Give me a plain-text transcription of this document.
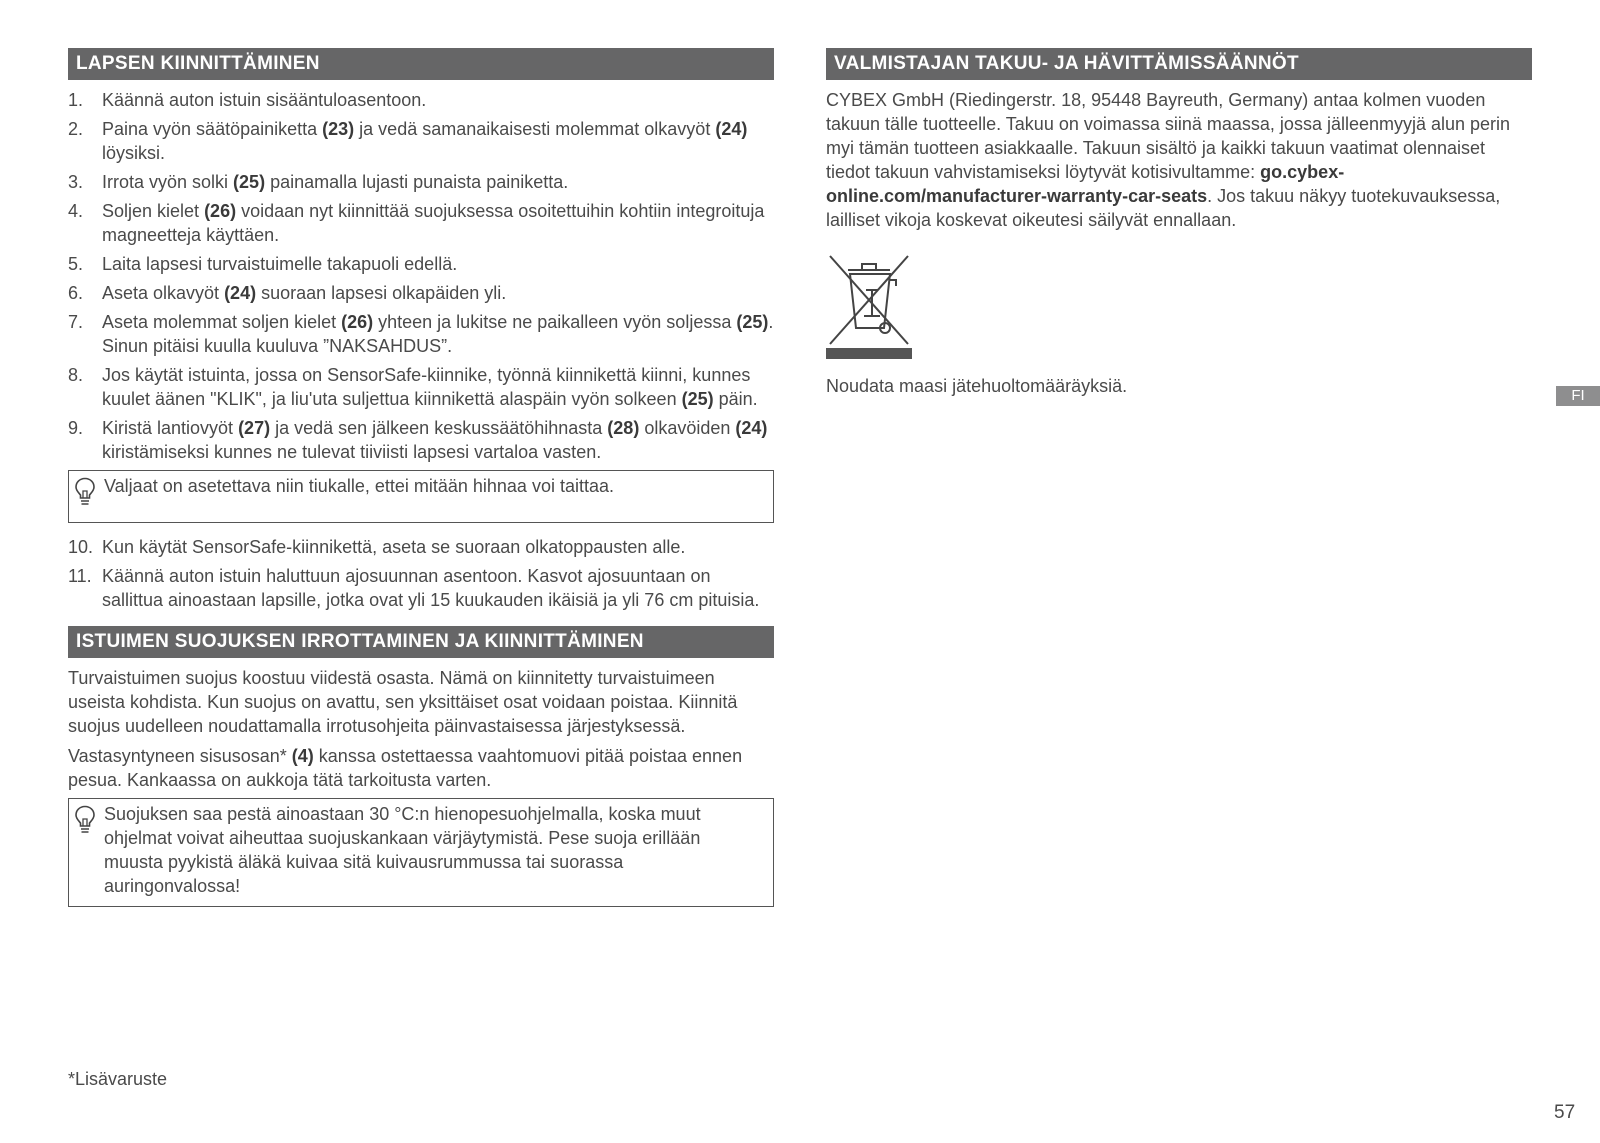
LAPSEN KIINNITTÄMINEN
1. Käännä auton istuin sisääntuloasentoon.
2. Paina vyön säätöpainiketta (23) ja vedä samanaikaisesti molemmat olkavyöt (24) löysiksi.
3. Irrota vyön solki (25) painamalla lujasti punaista painiketta.
4. Soljen kielet (26) voidaan nyt kiinnittää suojuksessa osoitettuihin kohtiin integroituja magneetteja käyttäen.
5. Laita lapsesi turvaistuimelle takapuoli edellä.
6. Aseta olkavyöt (24) suoraan lapsesi olkapäiden yli.
7. Aseta molemmat soljen kielet (26) yhteen ja lukitse ne paikalleen vyön soljessa (25). Sinun pitäisi kuulla kuuluva ”NAKSAHDUS”.
8. Jos käytät istuinta, jossa on SensorSafe-kiinnike, työnnä kiinnikettä kiinni, kunnes kuulet äänen "KLIK", ja liu'uta suljettua kiinnikettä alaspäin vyön solkeen (25) päin.
9. Kiristä lantiovyöt (27) ja vedä sen jälkeen keskussäätöhihnasta (28) olkavöiden (24) kiristämiseksi kunnes ne tulevat tiiviisti lapsesi vartaloa vasten.
Valjaat on asetettava niin tiukalle, ettei mitään hihnaa voi taittaa.
10. Kun käytät SensorSafe-kiinnikettä, aseta se suoraan olkatoppausten alle.
11. Käännä auton istuin haluttuun ajosuunnan asentoon. Kasvot ajosuuntaan on sallittua ainoastaan lapsille, jotka ovat yli 15 kuukauden ikäisiä ja yli 76 cm pituisia.
ISTUIMEN SUOJUKSEN IRROTTAMINEN JA KIINNITTÄMINEN

Turvaistuimen suojus koostuu viidestä osasta. Nämä on kiinnitetty turvaistuimeen useista kohdista. Kun suojus on avattu, sen yksittäiset osat voidaan poistaa. Kiinnitä suojus uudelleen noudattamalla irrotusohjeita päinvastaisessa järjestyksessä.

Vastasyntyneen sisusosan* (4) kanssa ostettaessa vaahtomuovi pitää poistaa ennen pesua. Kankaassa on aukkoja tätä tarkoitusta varten.

Suojuksen saa pestä ainoastaan 30 °C:n hienopesuohjelmalla, koska muut ohjelmat voivat aiheuttaa suojuskankaan värjäytymistä. Pese suoja erillään muusta pyykistä äläkä kuivaa sitä kuivausrummussa tai suorassa auringonvalossa!
VALMISTAJAN TAKUU- JA HÄVITTÄMISSÄÄNNÖT

CYBEX GmbH (Riedingerstr. 18, 95448 Bayreuth, Germany) antaa kolmen vuoden takuun tälle tuotteelle. Takuu on voimassa siinä maassa, jossa jälleenmyyjä alun perin myi tämän tuotteen asiakkaalle. Takuun sisältö ja kaikki takuun vaatimat olennaiset tiedot takuun vahvistamiseksi löytyvät kotisivultamme: go.cybex-online.com/manufacturer-warranty-car-seats. Jos takuu näkyy tuotekuvauksessa, lailliset vikoja koskevat oikeutesi säilyvät ennallaan.

Noudata maasi jätehuoltomääräyksiä.	FI
*Lisävaruste
57
